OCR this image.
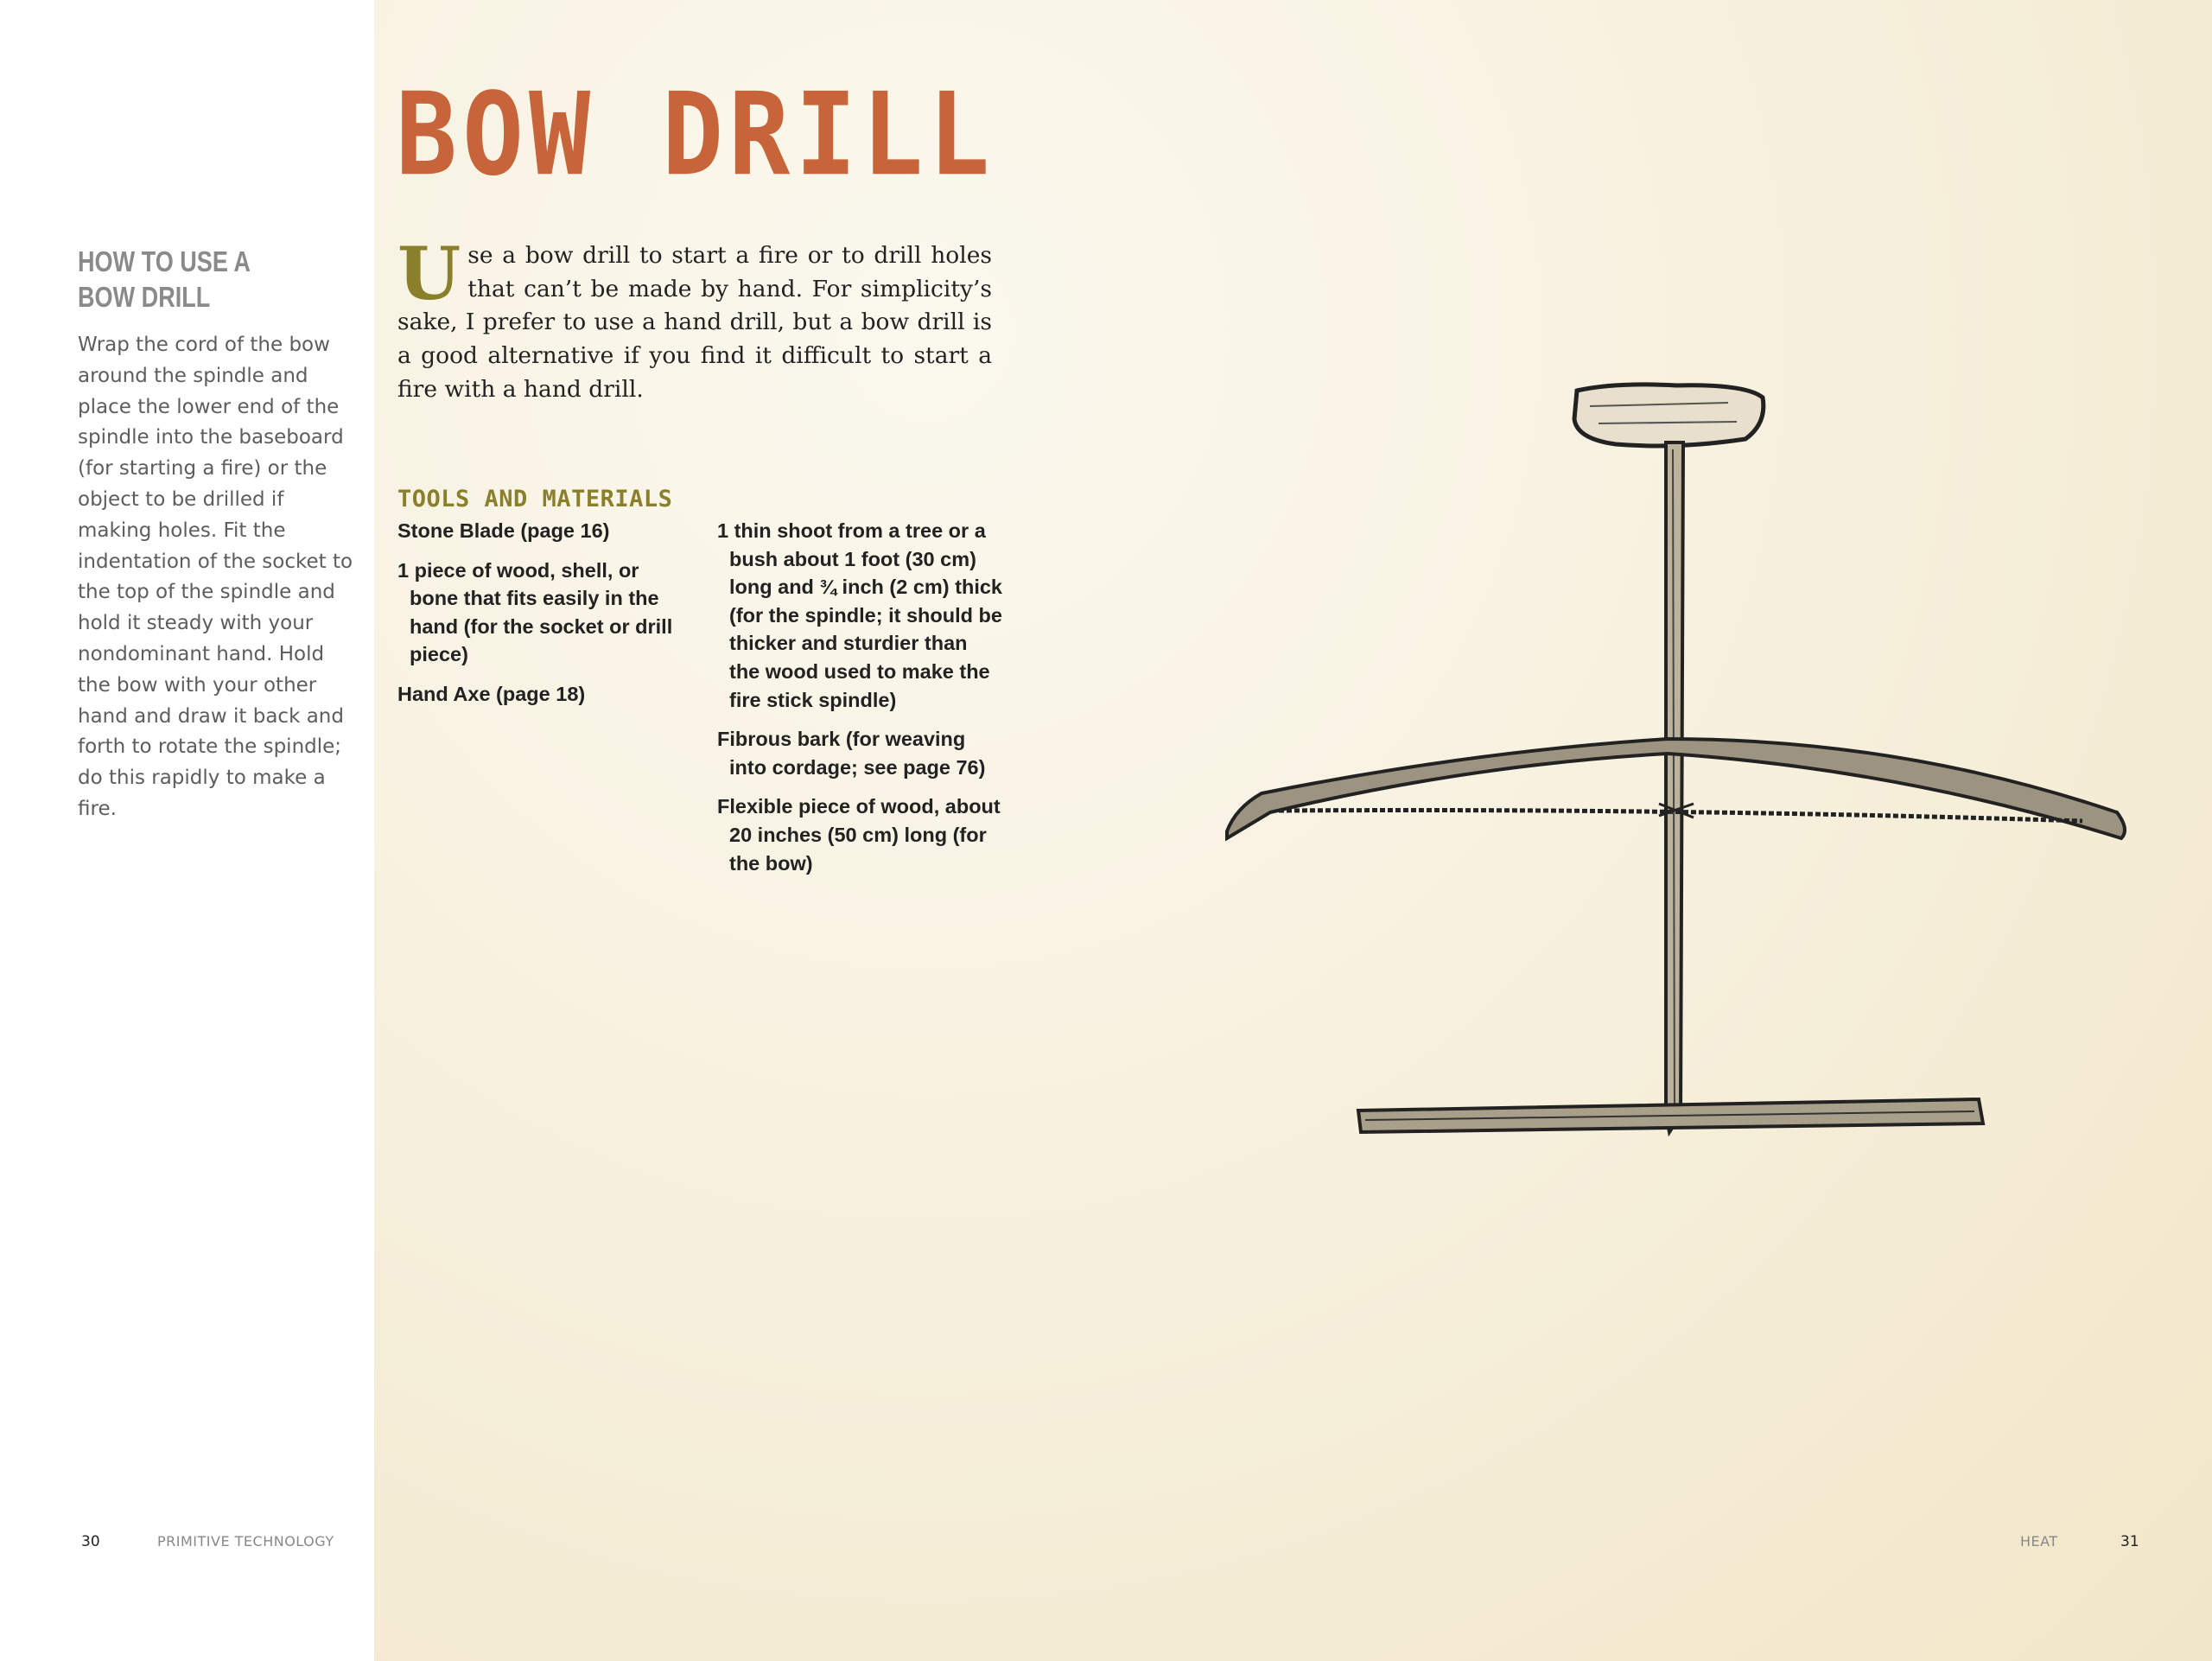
BOW DRILL
HOW TO USE A
BOW DRILL

Wrap the cord of the bow around the spindle and place the lower end of the spindle into the baseboard (for starting a fire) or the object to be drilled if making holes. Fit the indentation of the socket to the top of the spindle and hold it steady with your nondominant hand. Hold the bow with your other hand and draw it back and forth to rotate the spindle; do this rapidly to make a fire.

Use a bow drill to start a fire or to drill holes that can’t be made by hand. For simplicity’s sake, I prefer to use a hand drill, but a bow drill is a good alternative if you find it difficult to start a fire with a hand drill.
TOOLS AND MATERIALS
Stone Blade (page 16)
1 piece of wood, shell, or bone that fits easily in the hand (for the socket or drill piece)
Hand Axe (page 18)
1 thin shoot from a tree or a bush about 1 foot (30 cm) long and ¾ inch (2 cm) thick (for the spindle; it should be thicker and sturdier than the wood used to make the fire stick spindle)
Fibrous bark (for weaving into cordage; see page 76)
Flexible piece of wood, about 20 inches (50 cm) long (for the bow)
30	PRIMITIVE TECHNOLOGY	HEAT	31
